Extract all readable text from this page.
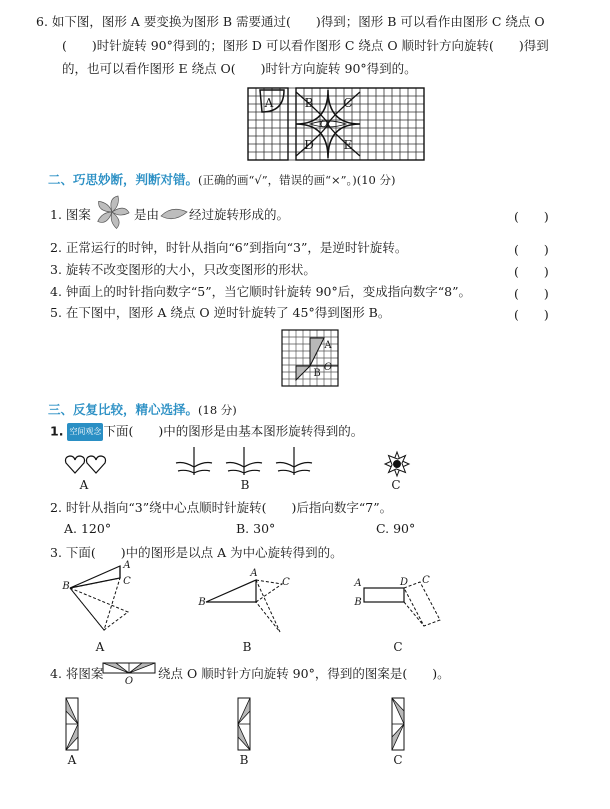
6. 如下图，图形 A 要变换为图形 B 需要通过(　　)得到；图形 B 可以看作由图形 C 绕点 O
(　　)时针旋转 90°得到的；图形 D 可以看作图形 C 绕点 O 顺时针方向旋转(　　)得到
的，也可以看作图形 E 绕点 O(　　)时针方向旋转 90°得到的。
A	B	C
D E
O
二、巧思妙断，判断对错。(正确的画“√”，错误的画“×”。)(10 分)
1. 图案	是由 经过旋转形成的。	(　　)
2. 正常运行的时钟，时针从指向“6”到指向“3”，是逆时针旋转。	(　　)
3. 旋转不改变图形的大小，只改变图形的形状。	(　　)
4. 钟面上的时针指向数字“5”，当它顺时针旋转 90°后，变成指向数字“8”。	(　　)
5. 在下图中，图形 A 绕点 O 逆时针旋转了 45°得到图形 B。	(　　)
A
B
O
三、反复比较，精心选择。(18 分)
1. 空间观念 下面(　　)中的图形是由基本图形旋转得到的。
A	B	C
2. 时针从指向“3”绕中心点顺时针旋转(　　)后指向数字“7”。
A. 120°	B. 30°	C. 90°
3. 下面(　　)中的图形是以点 A 为中心旋转得到的。
A
B	C
A
B
C	A
B
D C
A	B	C
4. 将图案
O
绕点 O 顺时针方向旋转 90°，得到的图案是(　　)。
A	B	C
